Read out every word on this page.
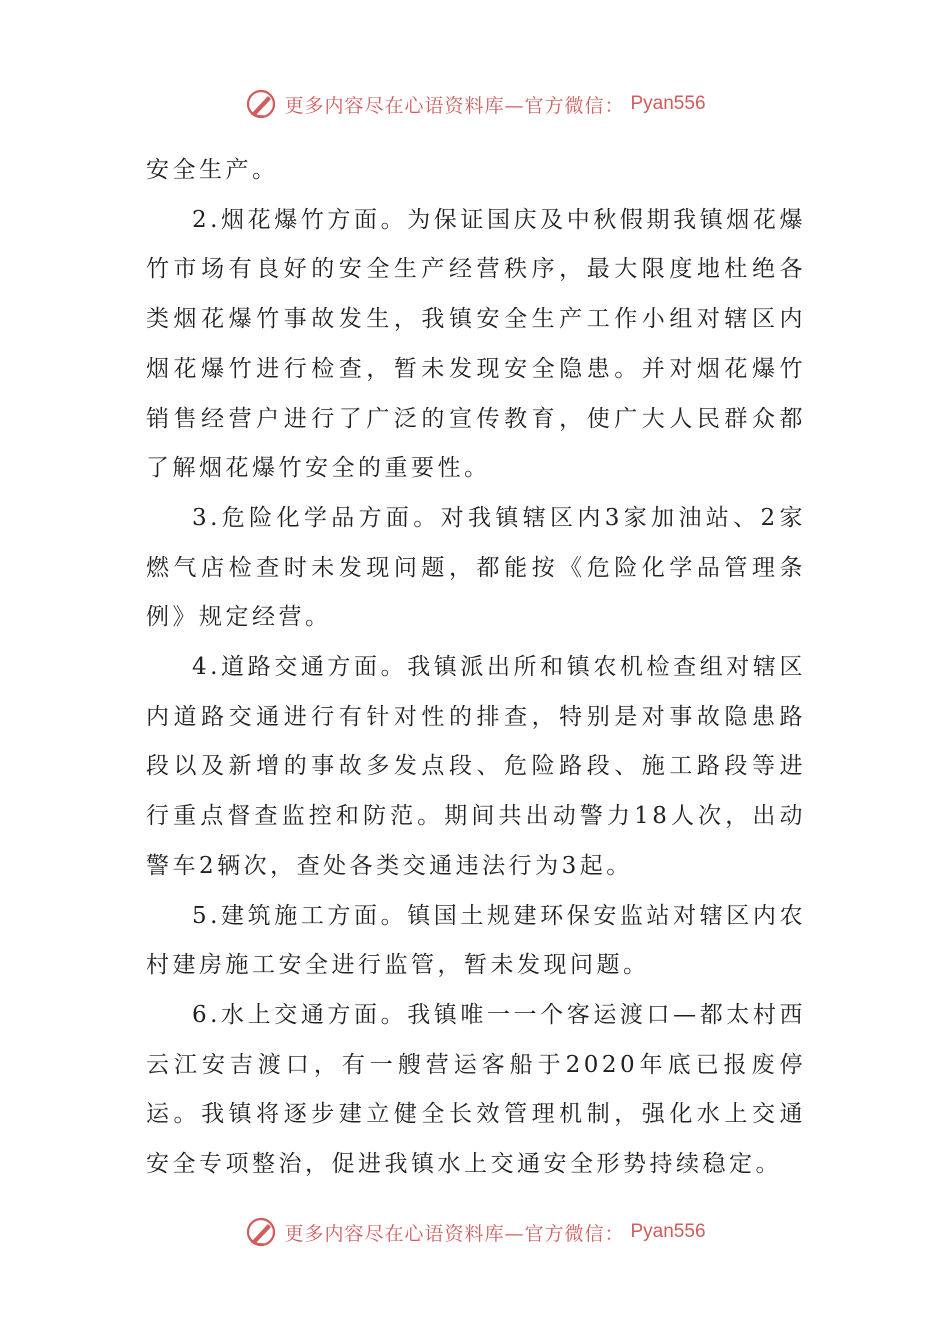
更多内容尽在心语资料库—官方微信： Pyan556

安全生产。

2.烟花爆竹方面。为保证国庆及中秋假期我镇烟花爆竹市场有良好的安全生产经营秩序，最大限度地杜绝各类烟花爆竹事故发生，我镇安全生产工作小组对辖区内烟花爆竹进行检查，暂未发现安全隐患。并对烟花爆竹销售经营户进行了广泛的宣传教育，使广大人民群众都了解烟花爆竹安全的重要性。

3.危险化学品方面。对我镇辖区内3家加油站、2家燃气店检查时未发现问题，都能按《危险化学品管理条例》规定经营。

4.道路交通方面。我镇派出所和镇农机检查组对辖区内道路交通进行有针对性的排查，特别是对事故隐患路段以及新增的事故多发点段、危险路段、施工路段等进行重点督查监控和防范。期间共出动警力18人次，出动警车2辆次，查处各类交通违法行为3起。

5.建筑施工方面。镇国土规建环保安监站对辖区内农村建房施工安全进行监管，暂未发现问题。

6.水上交通方面。我镇唯一一个客运渡口—都太村西云江安吉渡口，有一艘营运客船于2020年底已报废停运。我镇将逐步建立健全长效管理机制，强化水上交通安全专项整治，促进我镇水上交通安全形势持续稳定。

更多内容尽在心语资料库—官方微信： Pyan556
